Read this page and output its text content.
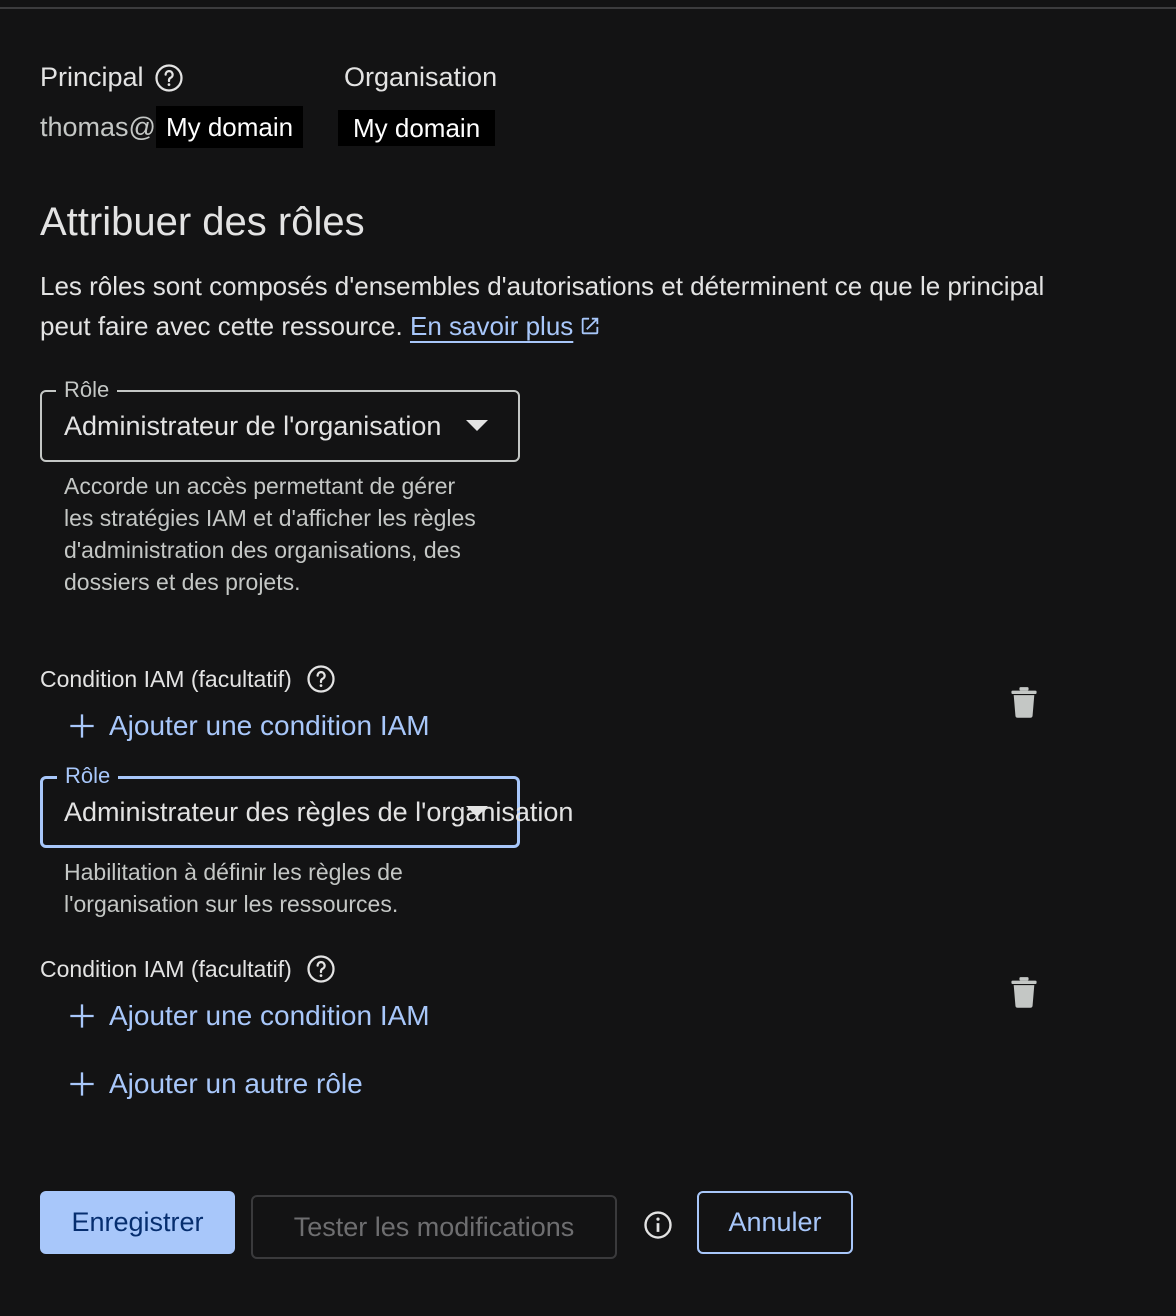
Principal	Organisation
thomas@ My domain	My domain
Attribuer des rôles
Les rôles sont composés d'ensembles d'autorisations et déterminent ce que le principal peut faire avec cette ressource. En savoir plus
Rôle
Administrateur de l'organisation
Accorde un accès permettant de gérer les stratégies IAM et d'afficher les règles d'administration des organisations, des dossiers et des projets.
Condition IAM (facultatif)
Ajouter une condition IAM
Rôle
Administrateur des règles de l'organisation
Habilitation à définir les règles de l'organisation sur les ressources.
Condition IAM (facultatif)
Ajouter une condition IAM
Ajouter un autre rôle
Enregistrer	Tester les modifications	Annuler
